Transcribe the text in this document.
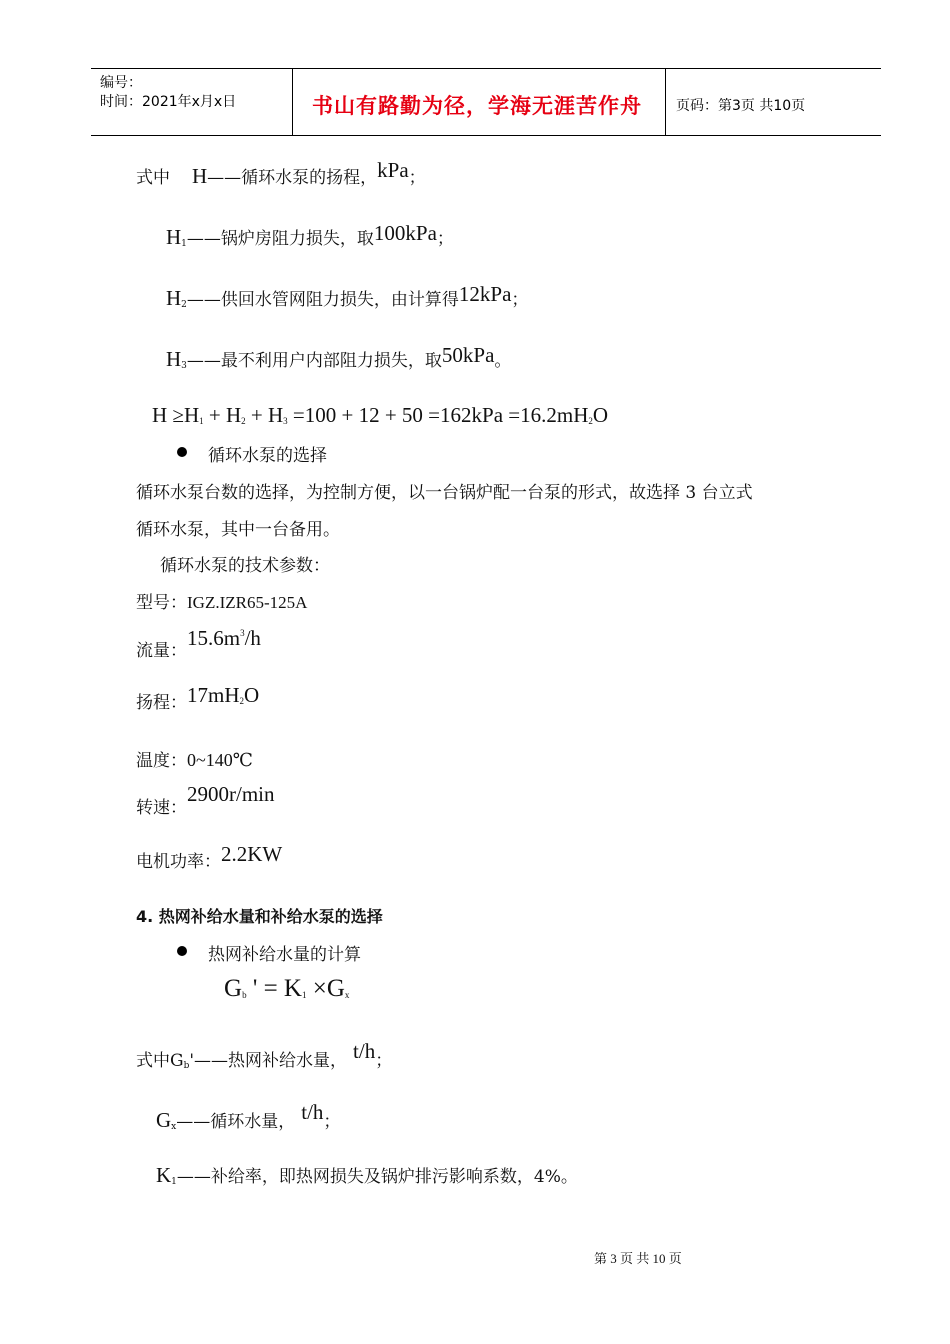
编号：
时间：2021年x月x日	书山有路勤为径，学海无涯苦作舟 页码：第3页 共10页
式中 H——循环水泵的扬程，kPa；
$H_1——$锅炉房阻力损失，取100kPa；
$H_2——$供回水管网阻力损失，由计算得12kPa；
$H_3——$最不利用户内部阻力损失，取50kPa。
$H \ge H_1 + H_2 + H_3 =100 + 12 + 50 =162kPa =16.2mH_2O$
循环水泵的选择
循环水泵台数的选择，为控制方便，以一台锅炉配一台泵的形式，故选择 3 台立式
循环水泵，其中一台备用。
循环水泵的技术参数：
型号：IGZ.IZR65-125A
流量：$15.6m^3/h$
扬程：$17mH_2O$
温度：0~140℃
转速：2900r/min
电机功率：2.2KW
4. 热网补给水量和补给水泵的选择
热网补给水量的计算
$G_b$ ' = $K_1 \times G_x$
式中$G_b'——$热网补给水量， t/h；
$G_x——$循环水量， t/h；
$K_1——$补给率，即热网损失及锅炉排污影响系数，4%。
第 3 页 共 10 页
